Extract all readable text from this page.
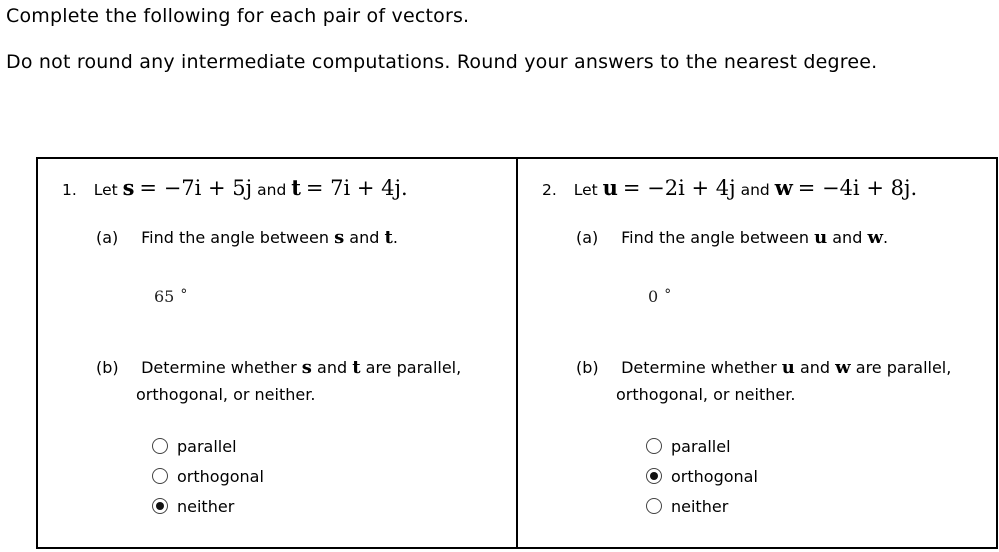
Complete the following for each pair of vectors.
Do not round any intermediate computations. Round your answers to the nearest degree.
1. Let s = −7i + 5j and t = 7i + 4j.
(a) Find the angle between s and t.
65 °
(b) Determine whether s and t are parallel,
orthogonal, or neither.
parallel
orthogonal
neither
2. Let u = −2i + 4j and w = −4i + 8j.
(a) Find the angle between u and w.
0 °
(b) Determine whether u and w are parallel,
orthogonal, or neither.
parallel
orthogonal
neither
